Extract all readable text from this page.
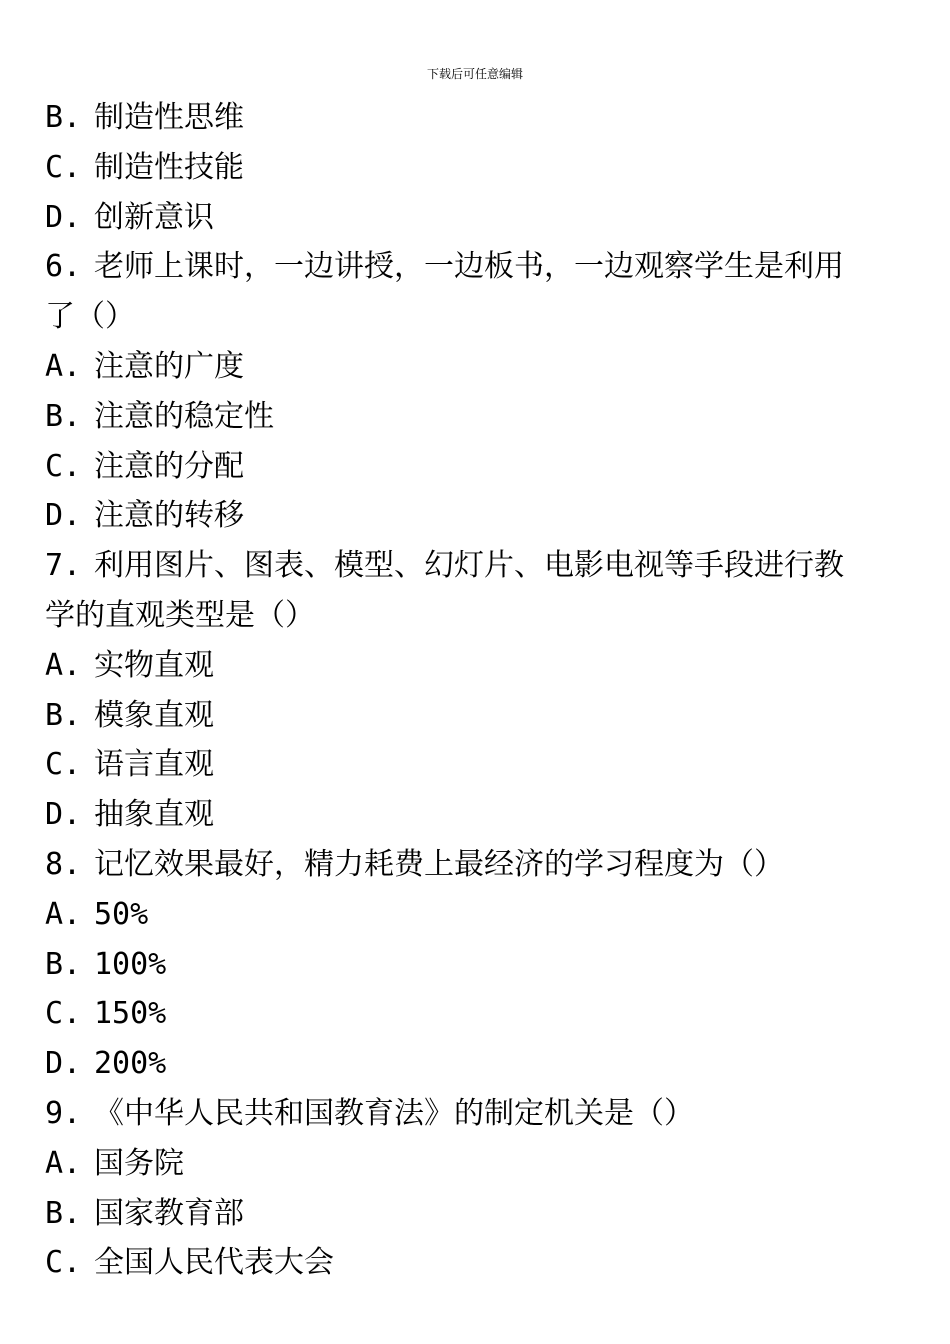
下载后可任意编辑
B. 制造性思维
C. 制造性技能
D. 创新意识
6. 老师上课时，一边讲授，一边板书，一边观察学生是利用
了（）
A. 注意的广度
B. 注意的稳定性
C. 注意的分配
D. 注意的转移
7. 利用图片、图表、模型、幻灯片、电影电视等手段进行教
学的直观类型是（）
A. 实物直观
B. 模象直观
C. 语言直观
D. 抽象直观
8. 记忆效果最好，精力耗费上最经济的学习程度为（）
A. 50%
B. 100%
C. 150%
D. 200%
9. 《中华人民共和国教育法》的制定机关是（）
A. 国务院
B. 国家教育部
C. 全国人民代表大会
